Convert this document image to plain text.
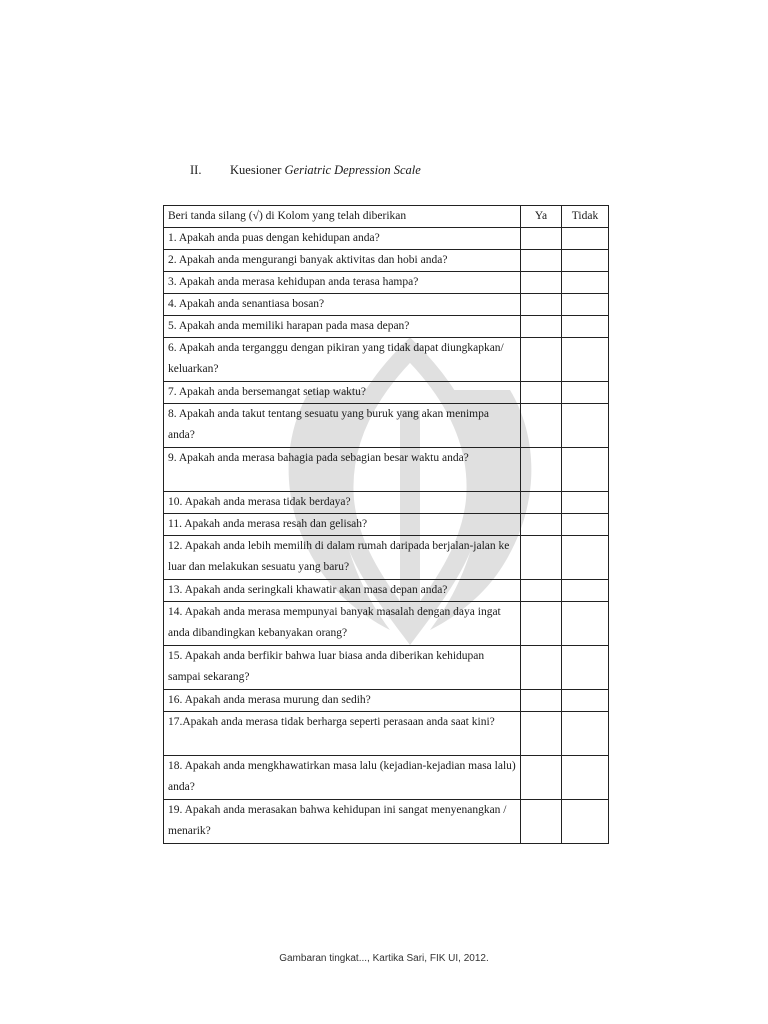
II. Kuesioner Geriatric Depression Scale
Beri tanda silang (√) di Kolom yang telah diberikan	Ya	Tidak
1. Apakah anda puas dengan kehidupan anda?		
2. Apakah anda mengurangi banyak aktivitas dan hobi anda?		
3. Apakah anda merasa kehidupan anda terasa hampa?		
4. Apakah anda senantiasa bosan?		
5. Apakah anda memiliki harapan pada masa depan?		
6. Apakah anda terganggu dengan pikiran yang tidak dapat diungkapkan/ keluarkan?		
7. Apakah anda bersemangat setiap waktu?		
8. Apakah anda takut tentang sesuatu yang buruk yang akan menimpa anda?		
9. Apakah anda merasa bahagia pada sebagian besar waktu anda?		
10. Apakah anda merasa tidak berdaya?		
11. Apakah anda merasa resah dan gelisah?		
12. Apakah anda lebih memilih di dalam rumah daripada berjalan-jalan ke luar dan melakukan sesuatu yang baru?		
13. Apakah anda seringkali khawatir akan masa depan anda?		
14. Apakah anda merasa mempunyai banyak masalah dengan daya ingat anda dibandingkan kebanyakan orang?		
15. Apakah anda berfikir bahwa luar biasa anda diberikan kehidupan sampai sekarang?		
16. Apakah anda merasa murung dan sedih?		
17.Apakah anda merasa tidak berharga seperti perasaan anda saat kini?		
18. Apakah anda mengkhawatirkan masa lalu (kejadian-kejadian masa lalu) anda?		
19. Apakah anda merasakan bahwa kehidupan ini sangat menyenangkan / menarik?		
Gambaran tingkat..., Kartika Sari, FIK UI, 2012.
